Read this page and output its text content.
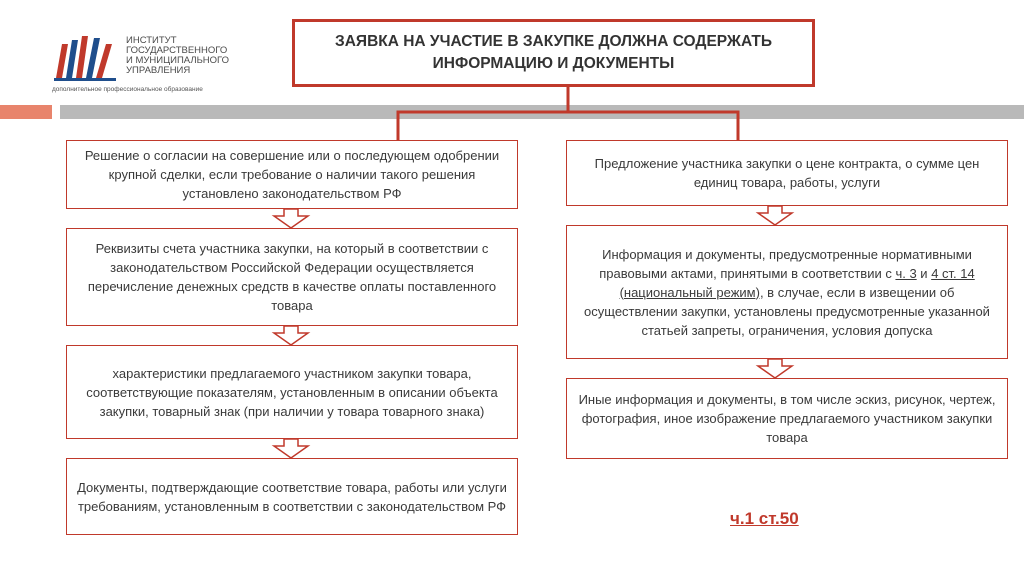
ИНСТИТУТ
ГОСУДАРСТВЕННОГО
И МУНИЦИПАЛЬНОГО
УПРАВЛЕНИЯ
дополнительное профессиональное образование
ЗАЯВКА НА УЧАСТИЕ В ЗАКУПКЕ ДОЛЖНА СОДЕРЖАТЬ
ИНФОРМАЦИЮ И ДОКУМЕНТЫ
Решение о согласии на совершение или о последующем одобрении крупной сделки, если требование о наличии такого решения установлено законодательством РФ
Реквизиты счета участника закупки, на который в соответствии с законодательством Российской Федерации осуществляется перечисление денежных средств в качестве оплаты поставленного товара
характеристики предлагаемого участником закупки товара, соответствующие показателям, установленным в описании объекта закупки, товарный знак (при наличии у товара товарного знака)
Документы, подтверждающие соответствие товара, работы или услуги требованиям, установленным в соответствии с законодательством РФ
Предложение участника закупки о цене контракта, о сумме цен единиц товара, работы, услуги
Информация и документы, предусмотренные нормативными правовыми актами, принятыми в соответствии с ч. 3 и 4 ст. 14 (национальный режим), в случае, если в извещении об осуществлении закупки, установлены предусмотренные указанной статьей запреты, ограничения, условия допуска
Иные информация и документы, в том числе эскиз, рисунок, чертеж, фотография, иное изображение предлагаемого участником закупки товара
ч.1 ст.50
